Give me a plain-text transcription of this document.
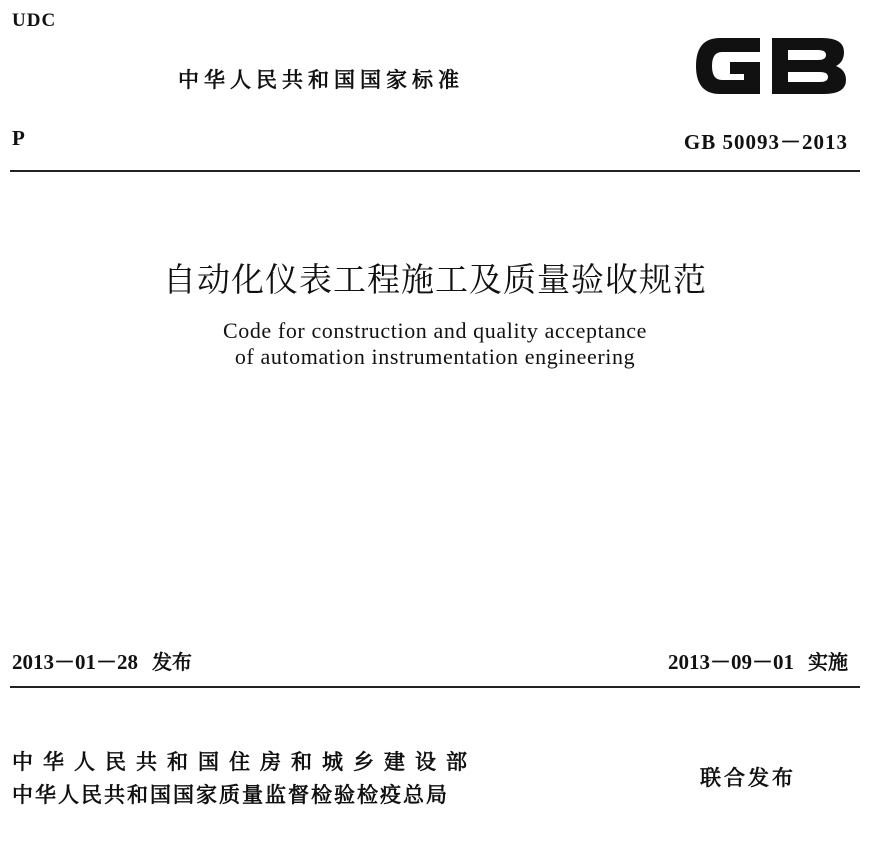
UDC
中华人民共和国国家标准
P	GB 50093－2013
自动化仪表工程施工及质量验收规范
Code for construction and quality acceptance
of automation instrumentation engineering
2013－01－28 发布	2013－09－01 实施
中华人民共和国住房和城乡建设部
中华人民共和国国家质量监督检验检疫总局
联合发布
